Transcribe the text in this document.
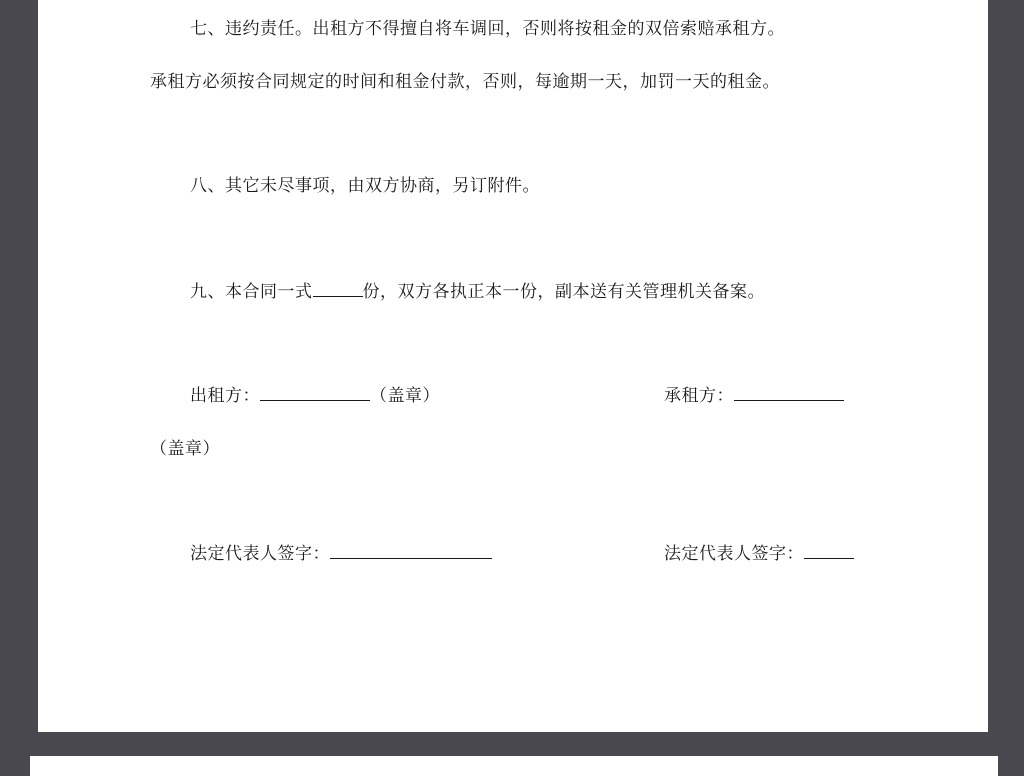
七、违约责任。出租方不得擅自将车调回，否则将按租金的双倍索赔承租方。
承租方必须按合同规定的时间和租金付款，否则，每逾期一天，加罚一天的租金。
八、其它未尽事项，由双方协商，另订附件。
九、本合同一式	份，双方各执正本一份，副本送有关管理机关备案。
出租方：	（盖章）	承租方：
（盖章）
法定代表人签字：	法定代表人签字：
